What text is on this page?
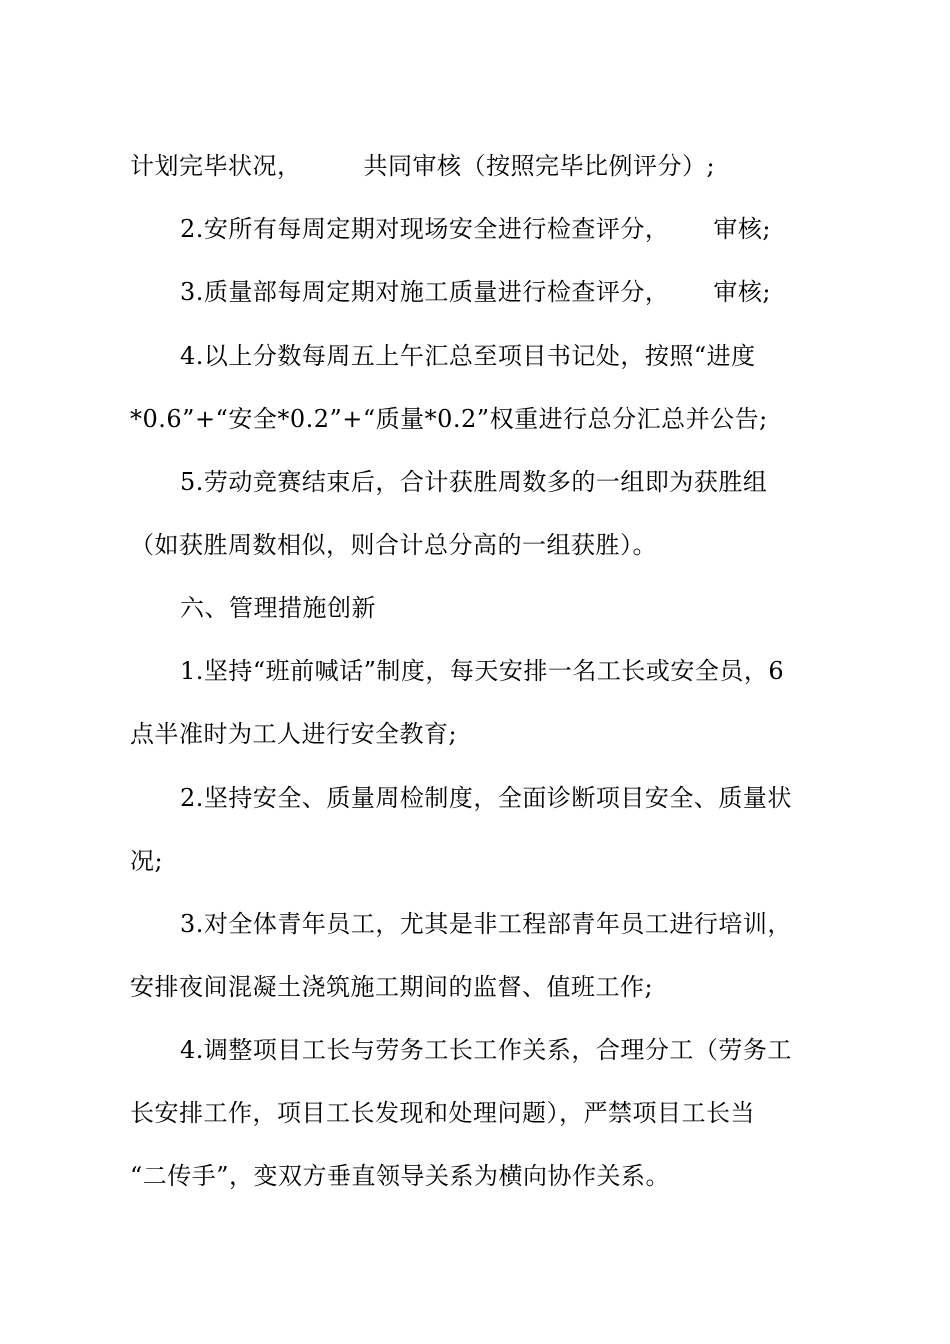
计划完毕状况，	共同审核（按照完毕比例评分）;
2.安所有每周定期对现场安全进行检查评分， 审核;
3.质量部每周定期对施工质量进行检查评分， 审核;
4.以上分数每周五上午汇总至项目书记处，按照“进度
*0.6”+“安全*0.2”+“质量*0.2”权重进行总分汇总并公告;
5.劳动竞赛结束后，合计获胜周数多的一组即为获胜组
（如获胜周数相似，则合计总分高的一组获胜）。
六、管理措施创新
1.坚持“班前喊话”制度，每天安排一名工长或安全员，6
点半准时为工人进行安全教育;
2.坚持安全、质量周检制度，全面诊断项目安全、质量状
况;
3.对全体青年员工，尤其是非工程部青年员工进行培训，
安排夜间混凝土浇筑施工期间的监督、值班工作;
4.调整项目工长与劳务工长工作关系，合理分工（劳务工
长安排工作，项目工长发现和处理问题），严禁项目工长当
“二传手”，变双方垂直领导关系为横向协作关系。
